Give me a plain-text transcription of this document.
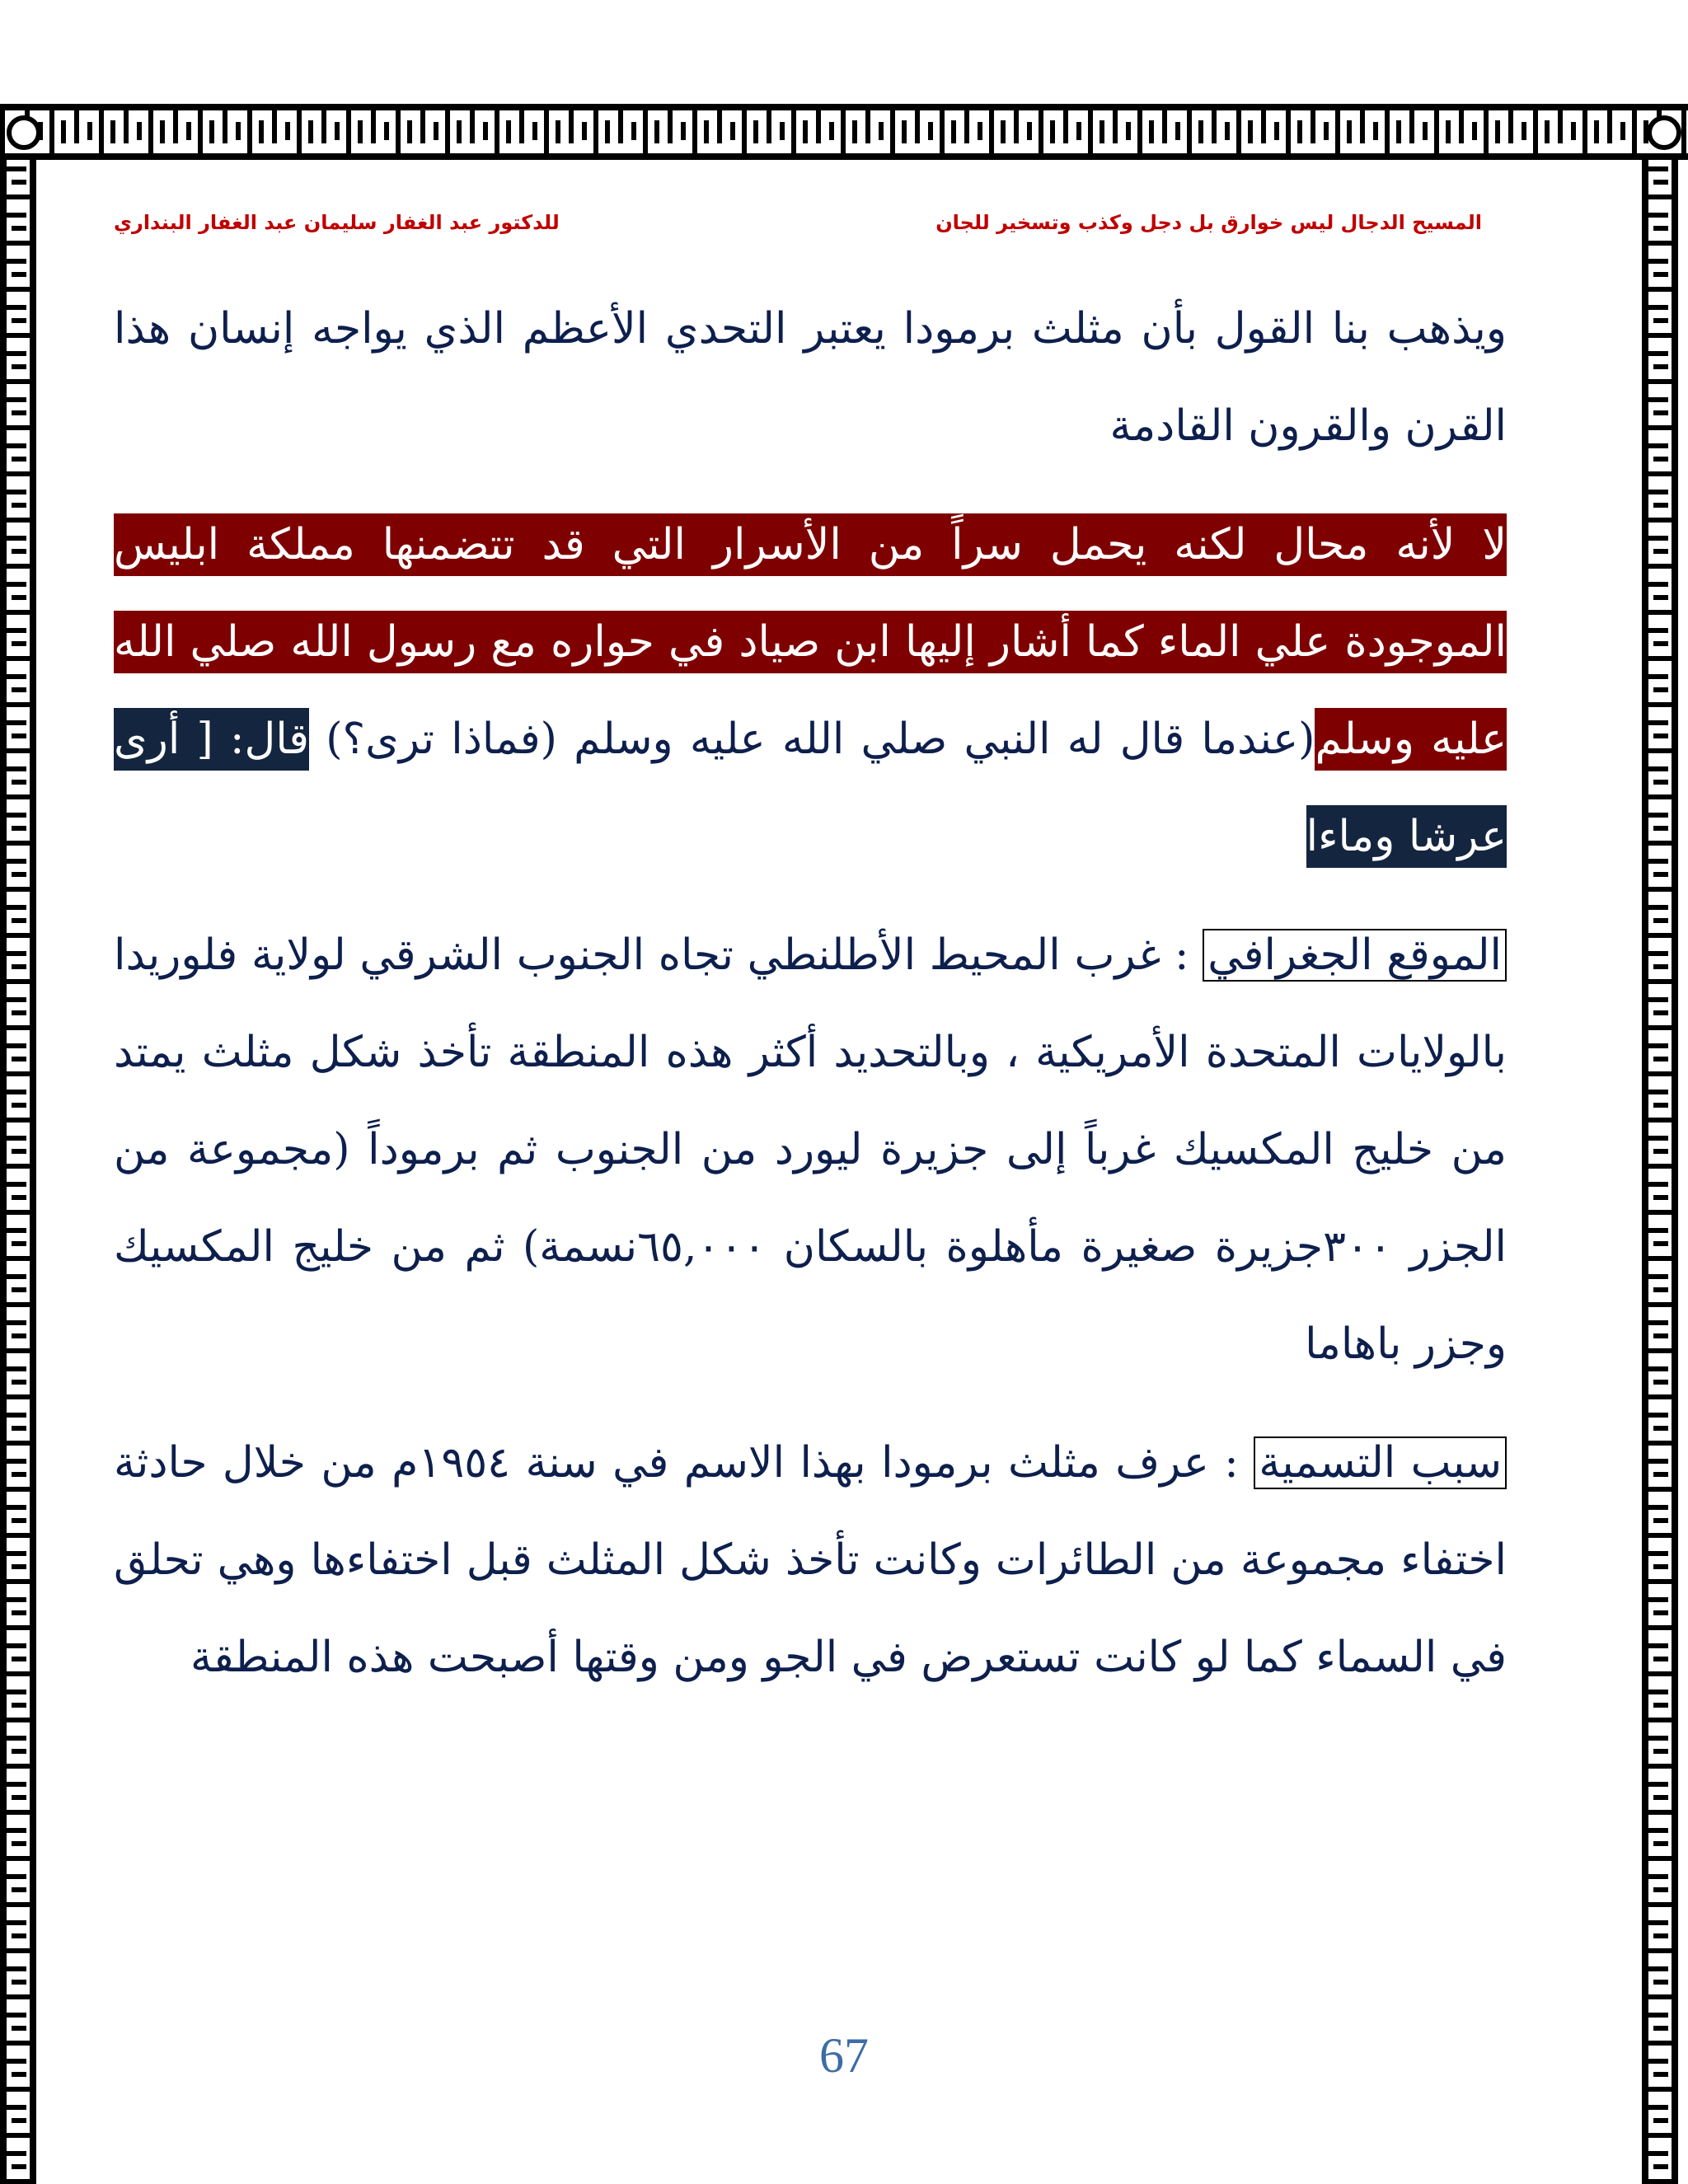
المسيح الدجال ليس خوارق بل دجل وكذب وتسخير للجان
للدكتور عبد الغفار سليمان عبد الغفار البنداري

ويذهب بنا القول بأن مثلث برمودا يعتبر التحدي الأعظم الذي يواجه إنسان هذا القرن والقرون القادمة

لا لأنه محال لكنه يحمل سراً من الأسرار التي قد تتضمنها مملكة ابليس الموجودة علي الماء كما أشار إليها ابن صياد في حواره مع رسول الله صلي الله عليه وسلم(عندما قال له النبي صلي الله عليه وسلم (فماذا ترى؟) قال: [ أرى عرشا وماءا

الموقع الجغرافي : غرب المحيط الأطلنطي تجاه الجنوب الشرقي لولاية فلوريدا بالولايات المتحدة الأمريكية ، وبالتحديد أكثر هذه المنطقة تأخذ شكل مثلث يمتد من خليج المكسيك غرباً إلى جزيرة ليورد من الجنوب ثم برموداً (مجموعة من الجزر ٣٠٠جزيرة صغيرة مأهلوة بالسكان ٦٥,٠٠٠نسمة) ثم من خليج المكسيك وجزر باهاما

سبب التسمية : عرف مثلث برمودا بهذا الاسم في سنة ١٩٥٤م من خلال حادثة اختفاء مجموعة من الطائرات وكانت تأخذ شكل المثلث قبل اختفاءها وهي تحلق في السماء كما لو كانت تستعرض في الجو ومن وقتها أصبحت هذه المنطقة

67
